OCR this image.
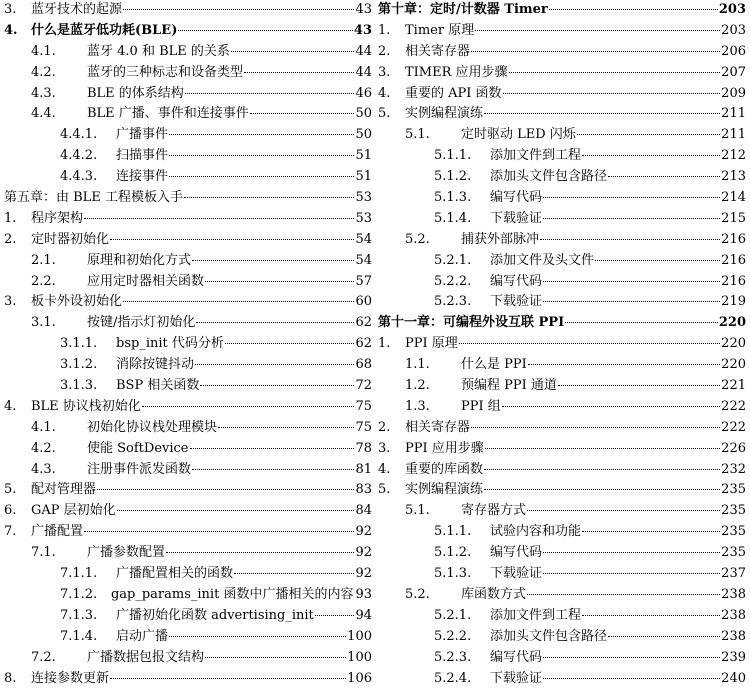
3.	蓝牙技术的起源	43
4.	什么是蓝牙低功耗(BLE)	43
4.1.	蓝牙 4.0 和 BLE 的关系	44
4.2.	蓝牙的三种标志和设备类型	44
4.3.	BLE 的体系结构	46
4.4.	BLE 广播、事件和连接事件	50
4.4.1.	广播事件	50
4.4.2.	扫描事件	51
4.4.3.	连接事件	51
第五章：由 BLE 工程模板入手	53
1.	程序架构	53
2.	定时器初始化	54
2.1.	原理和初始化方式	54
2.2.	应用定时器相关函数	57
3.	板卡外设初始化	60
3.1.	按键/指示灯初始化	62
3.1.1.	bsp_init 代码分析	62
3.1.2.	消除按键抖动	68
3.1.3.	BSP 相关函数	72
4.	BLE 协议栈初始化	75
4.1.	初始化协议栈处理模块	75
4.2.	使能 SoftDevice	78
4.3.	注册事件派发函数	81
5.	配对管理器	83
6.	GAP 层初始化	84
7.	广播配置	92
7.1.	广播参数配置	92
7.1.1.	广播配置相关的函数	92
7.1.2.	gap_params_init 函数中广播相关的内容 93
7.1.3.	广播初始化函数 advertising_init	94
7.1.4.	启动广播	100
7.2.	广播数据包报文结构	100
8.	连接参数更新	106
第十章：定时/计数器 Timer	203
1.	Timer 原理	203
2.	相关寄存器	206
3.	TIMER 应用步骤	207
4.	重要的 API 函数	209
5.	实例编程演练	211
5.1.	定时驱动 LED 闪烁	211
5.1.1.	添加文件到工程	212
5.1.2.	添加头文件包含路径	213
5.1.3.	编写代码	214
5.1.4.	下载验证	215
5.2.	捕获外部脉冲	216
5.2.1.	添加文件及头文件	216
5.2.2.	编写代码	216
5.2.3.	下载验证	219
第十一章：可编程外设互联 PPI	220
1.	PPI 原理	220
1.1.	什么是 PPI	220
1.2.	预编程 PPI 通道	221
1.3.	PPI 组	222
2.	相关寄存器	222
3.	PPI 应用步骤	226
4.	重要的库函数	232
5.	实例编程演练	235
5.1.	寄存器方式	235
5.1.1.	试验内容和功能	235
5.1.2.	编写代码	235
5.1.3.	下载验证	237
5.2.	库函数方式	238
5.2.1.	添加文件到工程	238
5.2.2.	添加头文件包含路径	238
5.2.3.	编写代码	239
5.2.4.	下载验证	240
